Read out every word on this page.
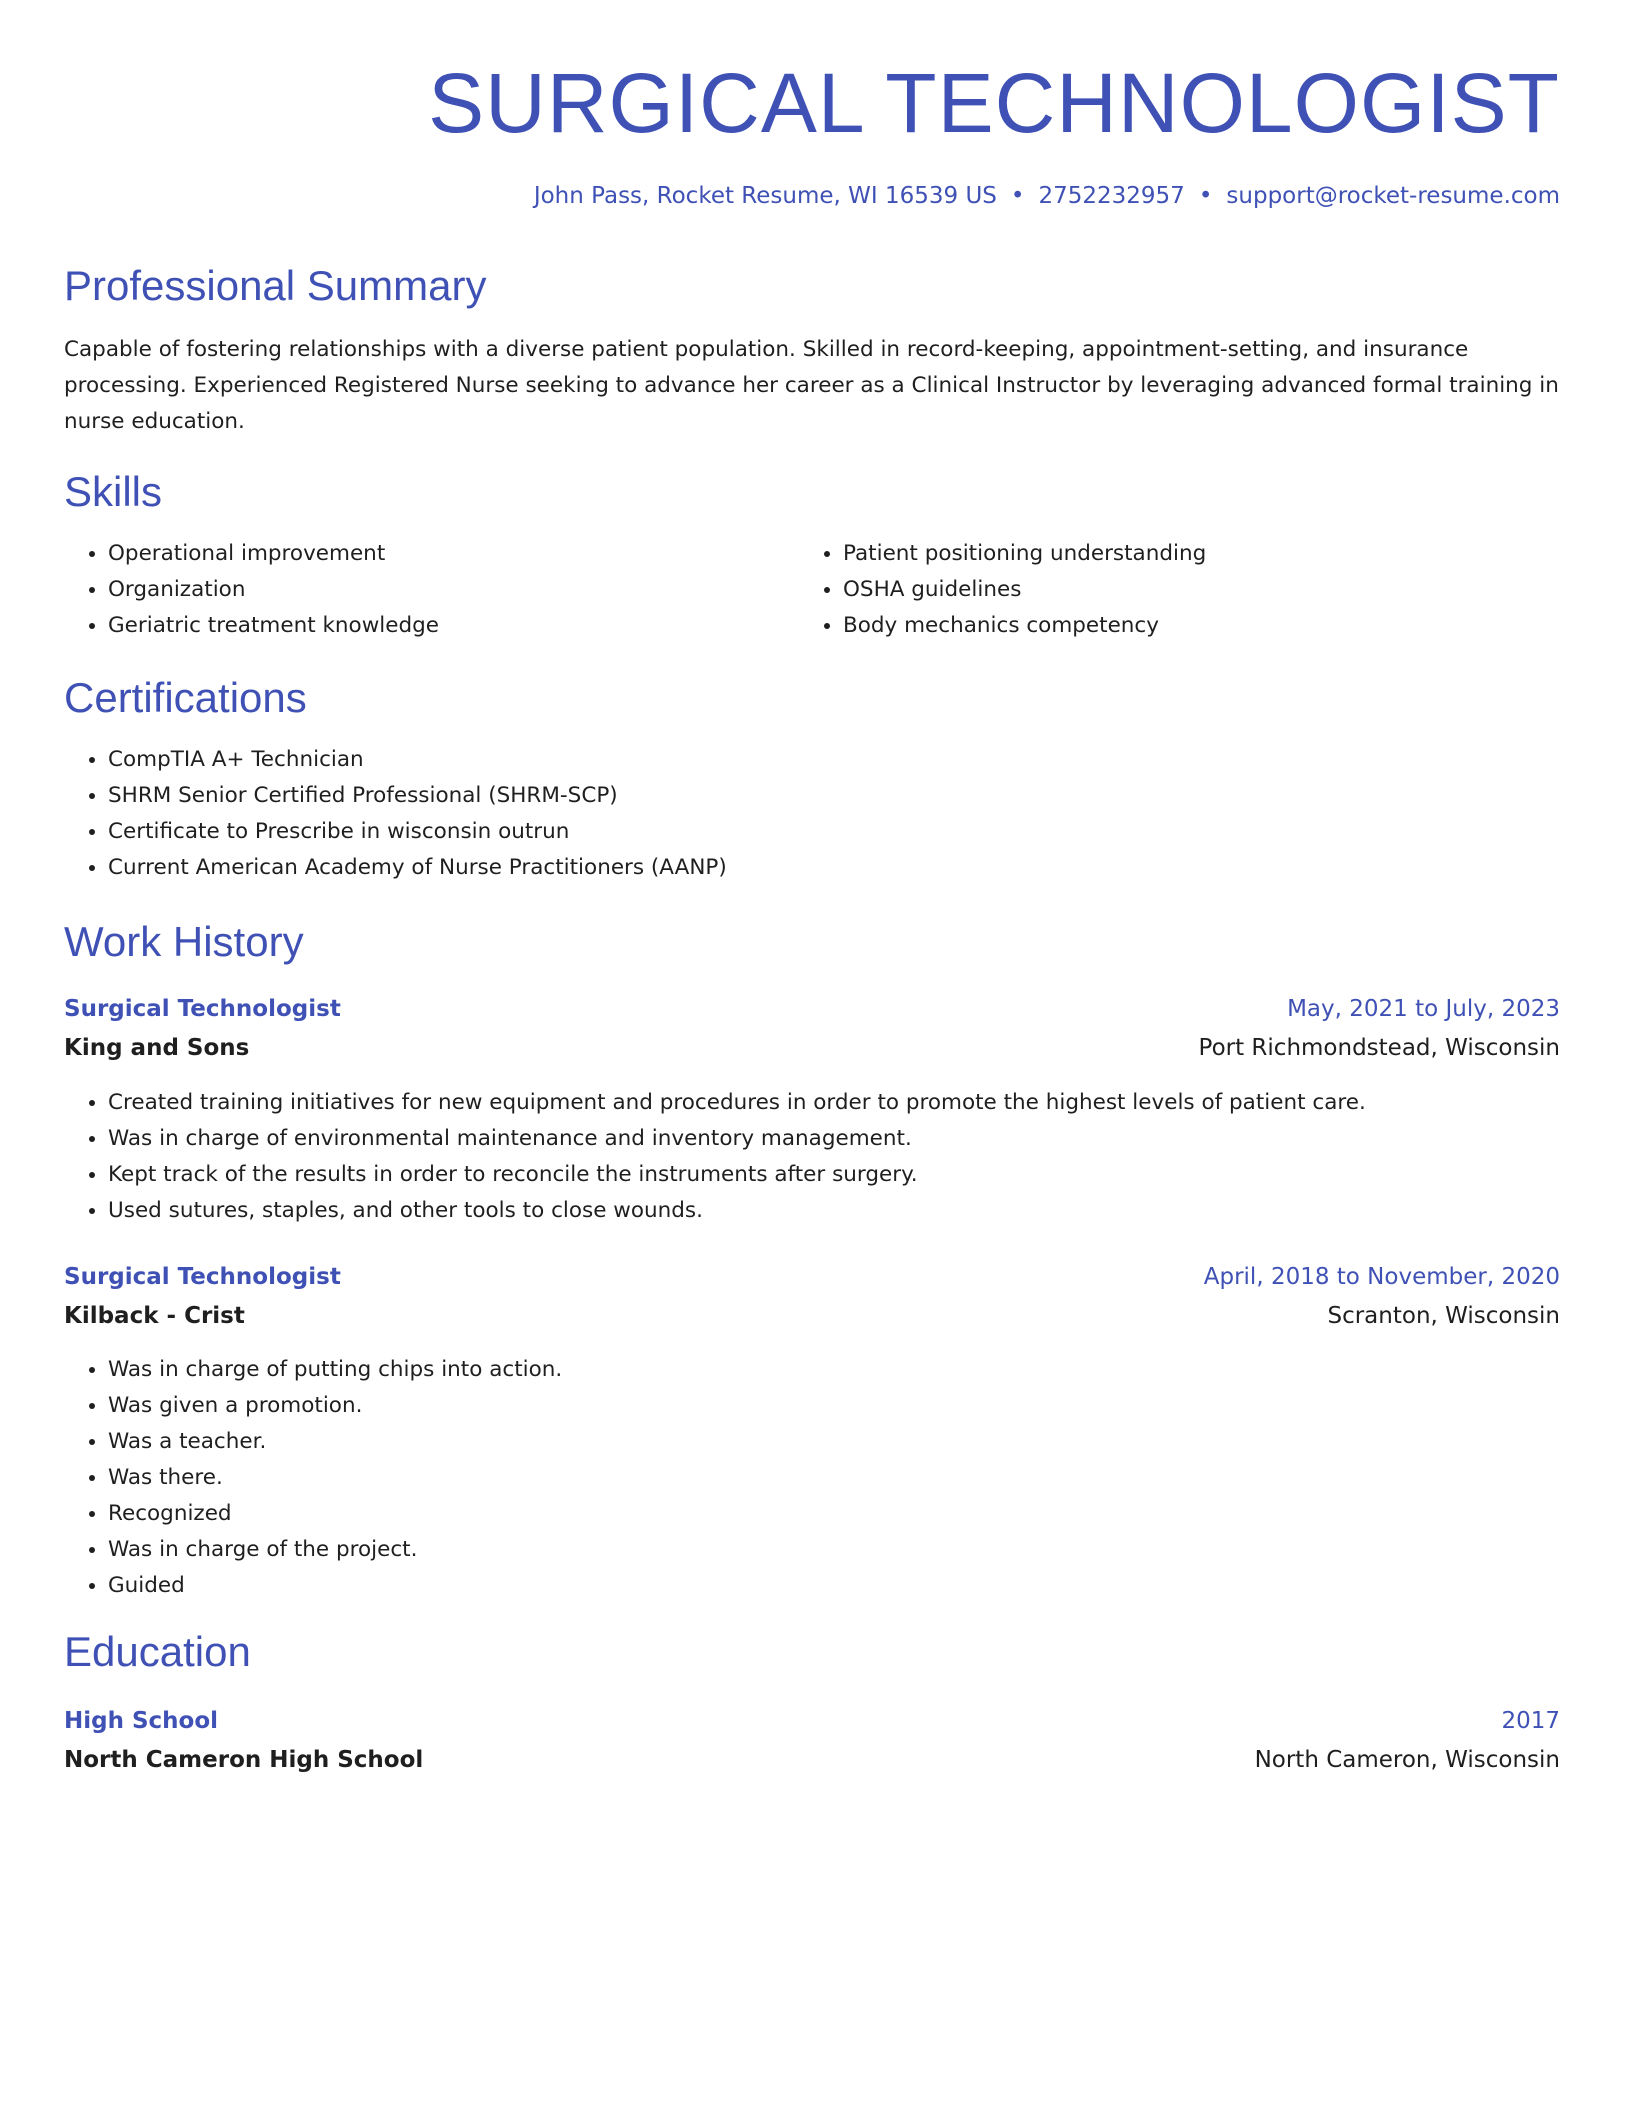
SURGICAL TECHNOLOGIST
John Pass, Rocket Resume, WI 16539 US • 2752232957 • support@rocket-resume.com
Professional Summary

Capable of fostering relationships with a diverse patient population. Skilled in record-keeping, appointment-setting, and insurance processing. Experienced Registered Nurse seeking to advance her career as a Clinical Instructor by leveraging advanced formal training in nurse education.

Skills
• Operational improvement
• Organization
• Geriatric treatment knowledge
• Patient positioning understanding
• OSHA guidelines
• Body mechanics competency
Certifications
• CompTIA A+ Technician
• SHRM Senior Certified Professional (SHRM-SCP)
• Certificate to Prescribe in wisconsin outrun
• Current American Academy of Nurse Practitioners (AANP)
Work History
Surgical Technologist	May, 2021 to July, 2023
King and Sons	Port Richmondstead, Wisconsin
• Created training initiatives for new equipment and procedures in order to promote the highest levels of patient care.
• Was in charge of environmental maintenance and inventory management.
• Kept track of the results in order to reconcile the instruments after surgery.
• Used sutures, staples, and other tools to close wounds.
Surgical Technologist	April, 2018 to November, 2020
Kilback - Crist	Scranton, Wisconsin
• Was in charge of putting chips into action.
• Was given a promotion.
• Was a teacher.
• Was there.
• Recognized
• Was in charge of the project.
• Guided
Education
High School	2017
North Cameron High School	North Cameron, Wisconsin
